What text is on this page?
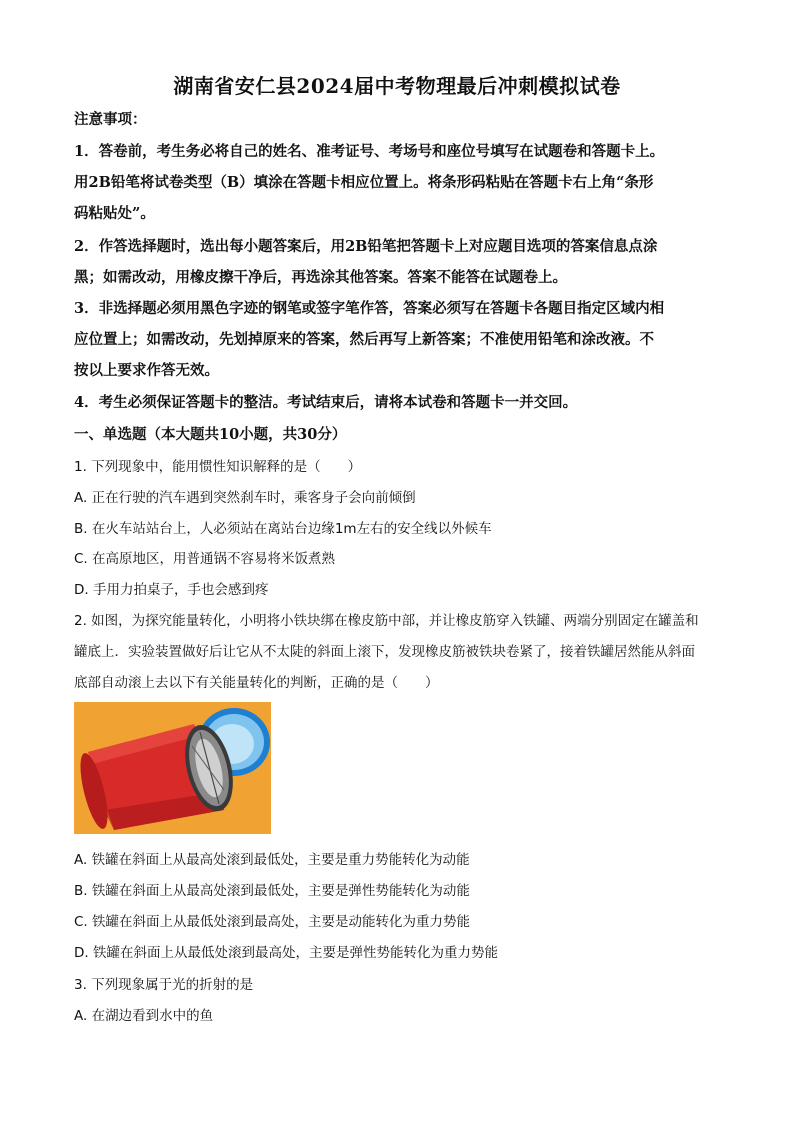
湖南省安仁县2024届中考物理最后冲刺模拟试卷
注意事项：
1．答卷前，考生务必将自己的姓名、准考证号、考场号和座位号填写在试题卷和答题卡上。
用2B铅笔将试卷类型（B）填涂在答题卡相应位置上。将条形码粘贴在答题卡右上角“条形
码粘贴处”。
2．作答选择题时，选出每小题答案后，用2B铅笔把答题卡上对应题目选项的答案信息点涂
黑；如需改动，用橡皮擦干净后，再选涂其他答案。答案不能答在试题卷上。
3．非选择题必须用黑色字迹的钢笔或签字笔作答，答案必须写在答题卡各题目指定区域内相
应位置上；如需改动，先划掉原来的答案，然后再写上新答案；不准使用铅笔和涂改液。不
按以上要求作答无效。
4．考生必须保证答题卡的整洁。考试结束后，请将本试卷和答题卡一并交回。
一、单选题（本大题共10小题，共30分）
1. 下列现象中，能用惯性知识解释的是（　　）
A. 正在行驶的汽车遇到突然刹车时，乘客身子会向前倾倒
B. 在火车站站台上，人必须站在离站台边缘1m左右的安全线以外候车
C. 在高原地区，用普通锅不容易将米饭煮熟
D. 手用力拍桌子，手也会感到疼
2. 如图，为探究能量转化，小明将小铁块绑在橡皮筋中部，并让橡皮筋穿入铁罐、两端分别固定在罐盖和
罐底上．实验装置做好后让它从不太陡的斜面上滚下，发现橡皮筋被铁块卷紧了，接着铁罐居然能从斜面
底部自动滚上去以下有关能量转化的判断，正确的是（　　）
A. 铁罐在斜面上从最高处滚到最低处，主要是重力势能转化为动能
B. 铁罐在斜面上从最高处滚到最低处，主要是弹性势能转化为动能
C. 铁罐在斜面上从最低处滚到最高处，主要是动能转化为重力势能
D. 铁罐在斜面上从最低处滚到最高处，主要是弹性势能转化为重力势能
3. 下列现象属于光的折射的是
A. 在湖边看到水中的鱼
